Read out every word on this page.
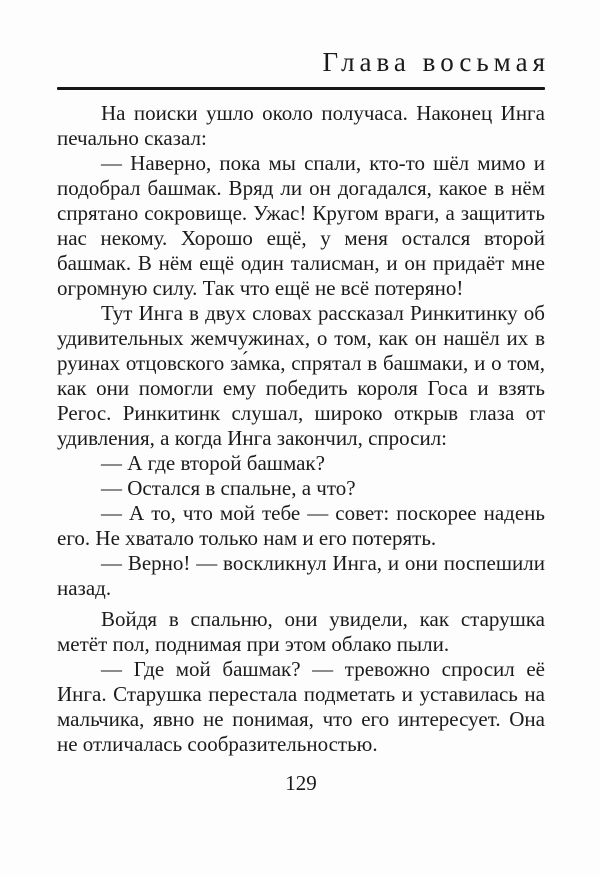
Глава восьмая

На поиски ушло около получаса. Наконец Инга печально сказал:

— Наверно, пока мы спали, кто-то шёл мимо и подобрал башмак. Вряд ли он догадался, какое в нём спрятано сокровище. Ужас! Кругом враги, а защитить нас некому. Хорошо ещё, у меня остался второй башмак. В нём ещё один талисман, и он придаёт мне огромную силу. Так что ещё не всё потеряно!

Тут Инга в двух словах рассказал Ринкитинку об удивительных жемчужинах, о том, как он нашёл их в руинах отцовского за́мка, спрятал в башмаки, и о том, как они помогли ему победить короля Госа и взять Регос. Ринкитинк слушал, широко открыв глаза от удивления, а когда Инга закончил, спросил:

— А где второй башмак?

— Остался в спальне, а что?

— А то, что мой тебе — совет: поскорее надень его. Не хватало только нам и его потерять.

— Верно! — воскликнул Инга, и они поспешили назад.

Войдя в спальню, они увидели, как старушка метёт пол, поднимая при этом облако пыли.

— Где мой башмак? — тревожно спросил её Инга. Старушка перестала подметать и уставилась на мальчика, явно не понимая, что его интересует. Она не отличалась сообразительностью.

129
